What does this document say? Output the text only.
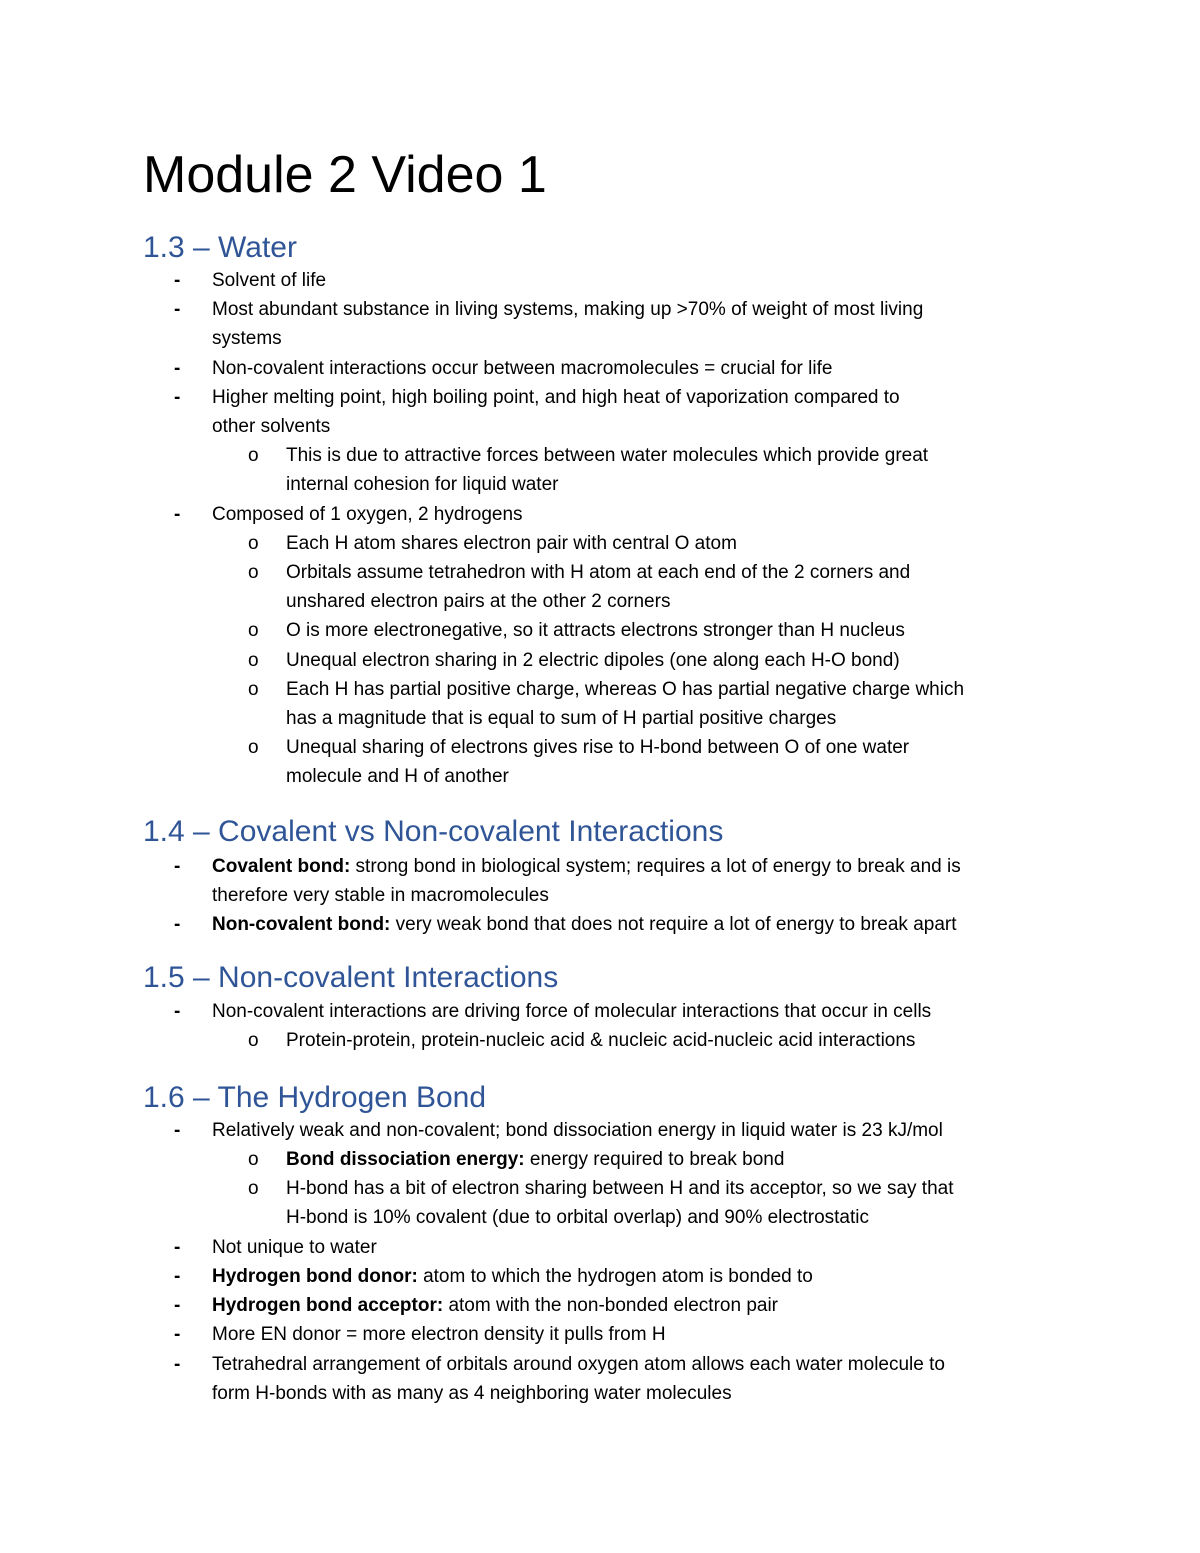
Module 2 Video 1
1.3 – Water
1.4 – Covalent vs Non-covalent Interactions
1.5 – Non-covalent Interactions
1.6 – The Hydrogen Bond
- Solvent of life
- Most abundant substance in living systems, making up >70% of weight of most living
systems
- Non-covalent interactions occur between macromolecules = crucial for life
- Higher melting point, high boiling point, and high heat of vaporization compared to
other solvents
o This is due to attractive forces between water molecules which provide great
internal cohesion for liquid water
- Composed of 1 oxygen, 2 hydrogens
o Each H atom shares electron pair with central O atom
o Orbitals assume tetrahedron with H atom at each end of the 2 corners and
unshared electron pairs at the other 2 corners
o O is more electronegative, so it attracts electrons stronger than H nucleus
o Unequal electron sharing in 2 electric dipoles (one along each H-O bond)
o Each H has partial positive charge, whereas O has partial negative charge which
has a magnitude that is equal to sum of H partial positive charges
o Unequal sharing of electrons gives rise to H-bond between O of one water
molecule and H of another
- Covalent bond: strong bond in biological system; requires a lot of energy to break and is
therefore very stable in macromolecules
- Non-covalent bond: very weak bond that does not require a lot of energy to break apart
- Non-covalent interactions are driving force of molecular interactions that occur in cells
o Protein-protein, protein-nucleic acid & nucleic acid-nucleic acid interactions
- Relatively weak and non-covalent; bond dissociation energy in liquid water is 23 kJ/mol
o Bond dissociation energy: energy required to break bond
o H-bond has a bit of electron sharing between H and its acceptor, so we say that
H-bond is 10% covalent (due to orbital overlap) and 90% electrostatic
- Not unique to water
- Hydrogen bond donor: atom to which the hydrogen atom is bonded to
- Hydrogen bond acceptor: atom with the non-bonded electron pair
- More EN donor = more electron density it pulls from H
- Tetrahedral arrangement of orbitals around oxygen atom allows each water molecule to
form H-bonds with as many as 4 neighboring water molecules
